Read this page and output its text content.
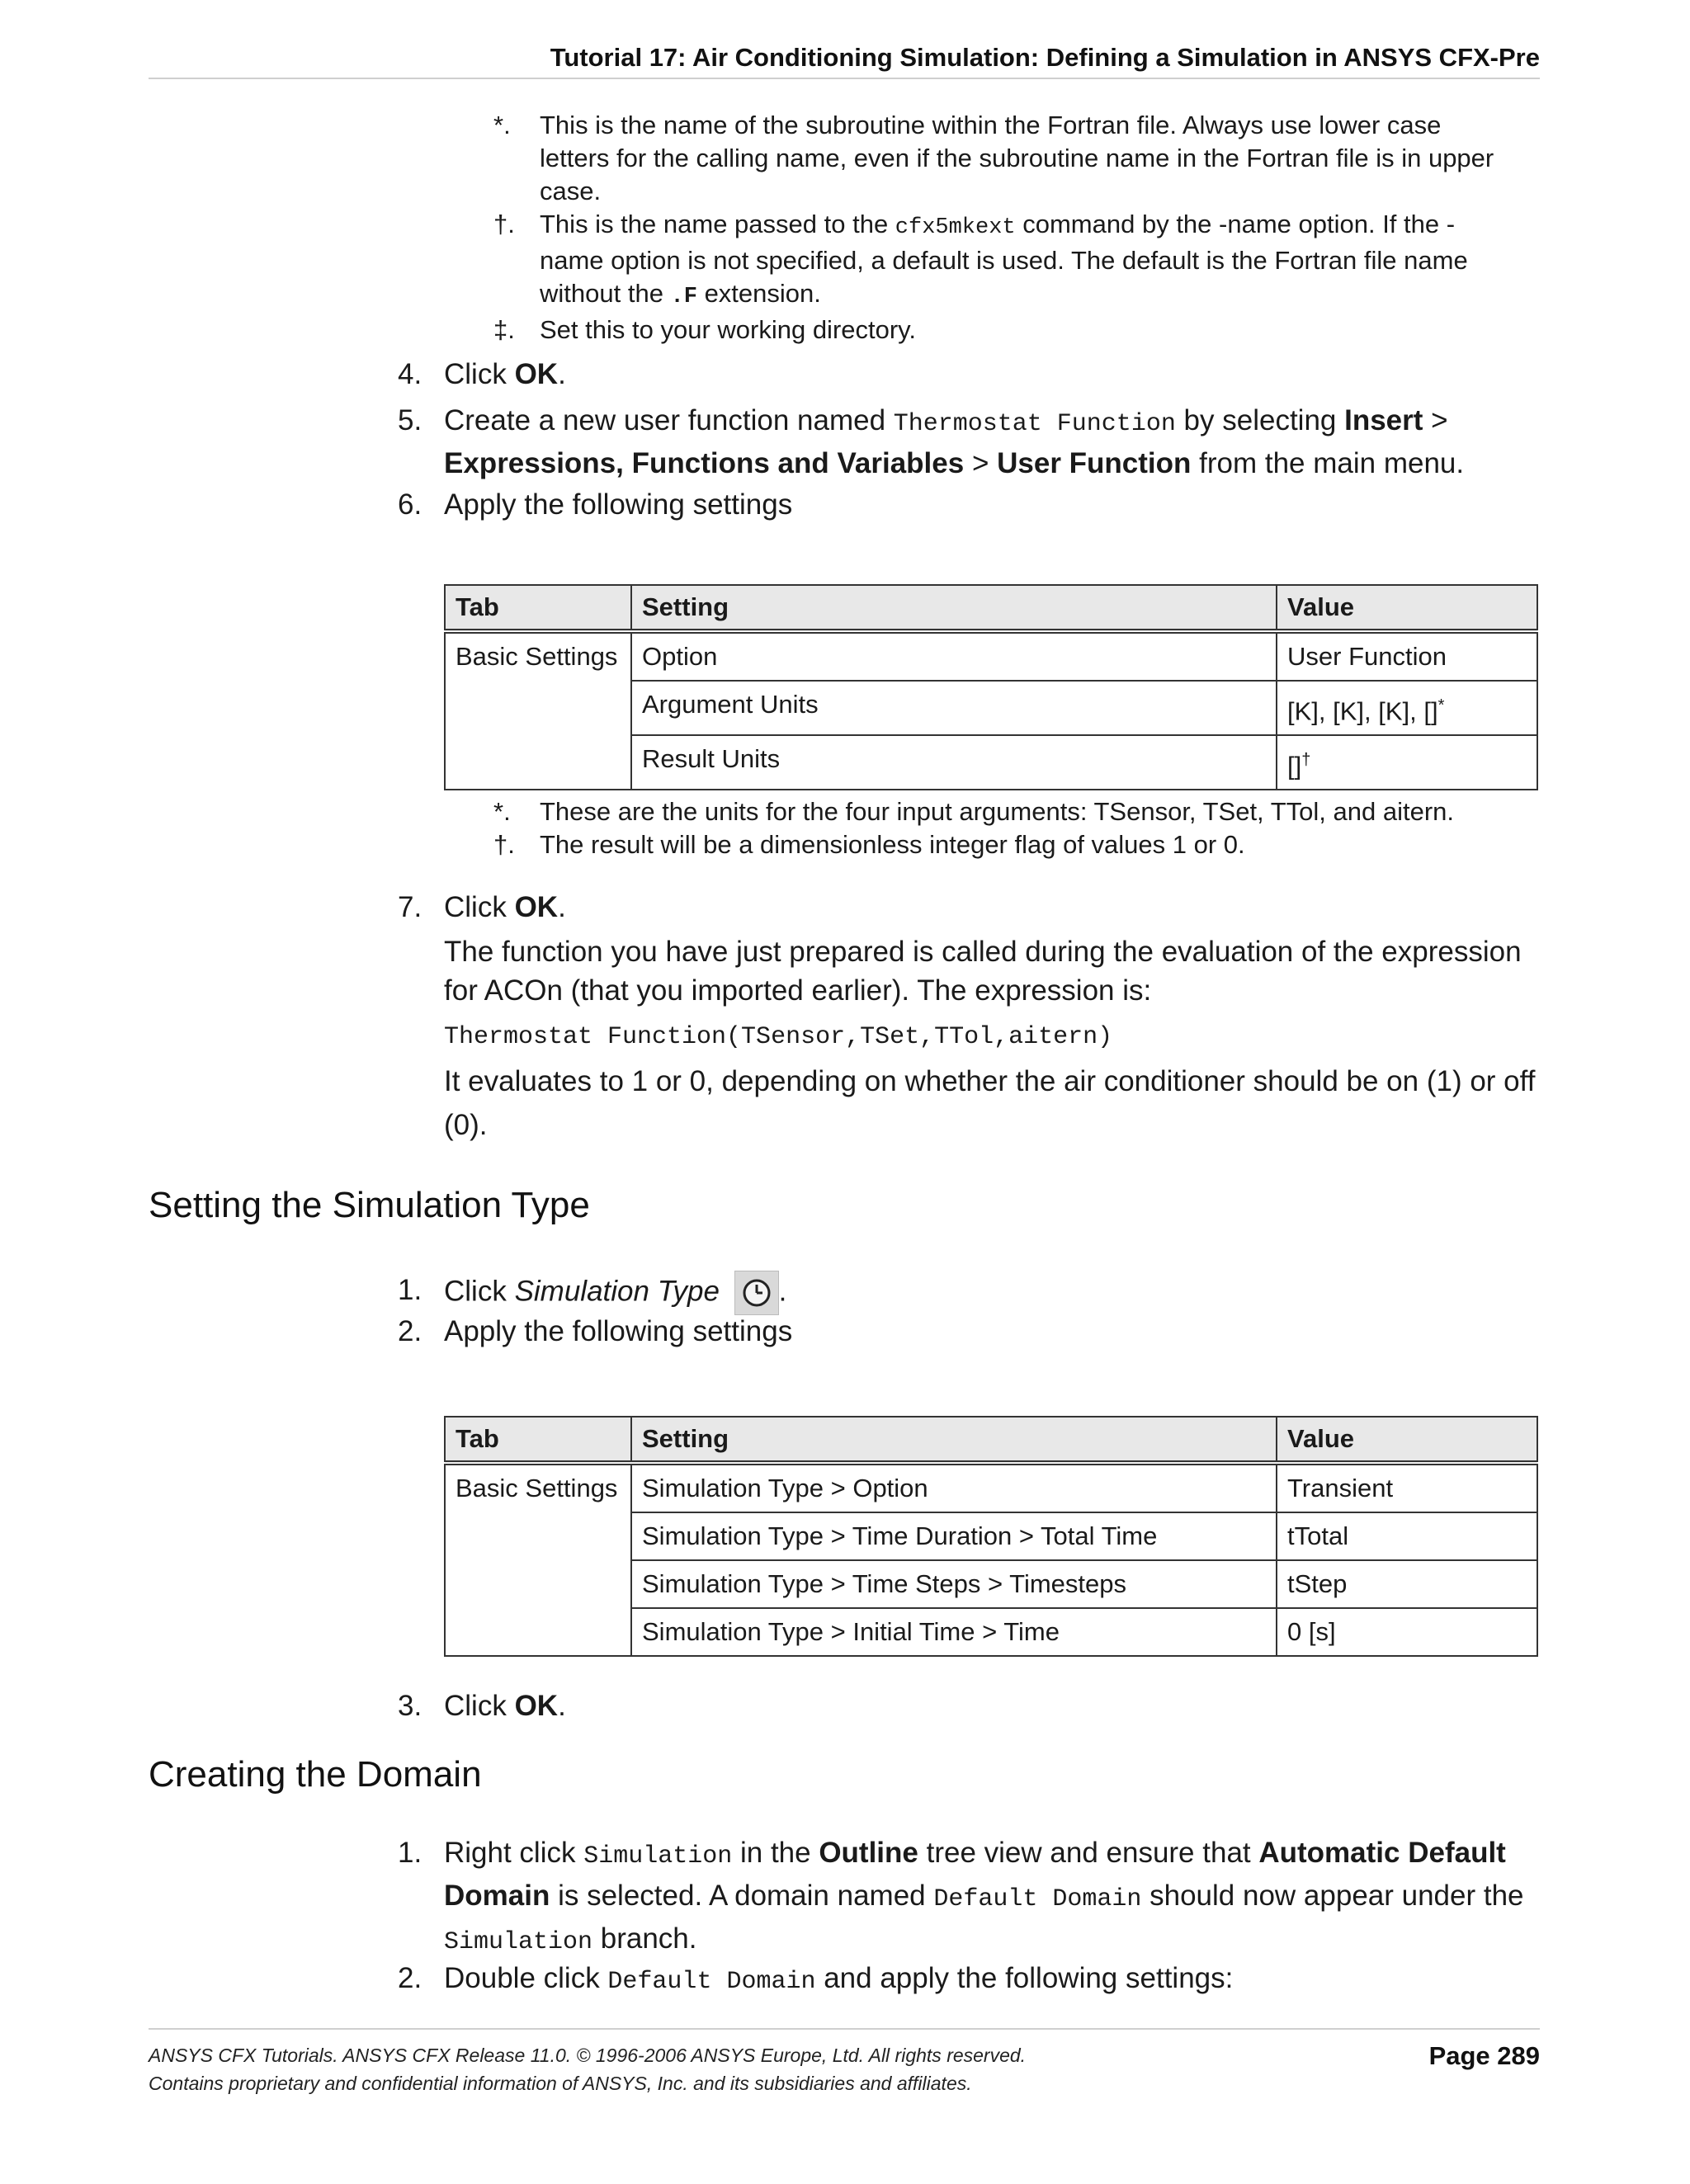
Tutorial 17: Air Conditioning Simulation: Defining a Simulation in ANSYS CFX-Pre
*. This is the name of the subroutine within the Fortran file. Always use lower case letters for the calling name, even if the subroutine name in the Fortran file is in upper case.
†. This is the name passed to the cfx5mkext command by the -name option. If the -name option is not specified, a default is used. The default is the Fortran file name without the .F extension.
‡. Set this to your working directory.
4. Click OK.
5. Create a new user function named Thermostat Function by selecting Insert > Expressions, Functions and Variables > User Function from the main menu.
6. Apply the following settings
Tab	Setting	Value
Basic Settings	Option	User Function
	Argument Units	[K], [K], [K], []*
	Result Units	[]†
*. These are the units for the four input arguments: TSensor, TSet, TTol, and aitern.
†. The result will be a dimensionless integer flag of values 1 or 0.
7. Click OK.
The function you have just prepared is called during the evaluation of the expression for ACOn (that you imported earlier). The expression is:
Thermostat Function(TSensor,TSet,TTol,aitern)
It evaluates to 1 or 0, depending on whether the air conditioner should be on (1) or off (0).
Setting the Simulation Type
1. Click Simulation Type .
2. Apply the following settings
Tab	Setting	Value
Basic Settings	Simulation Type > Option	Transient
	Simulation Type > Time Duration > Total Time	tTotal
	Simulation Type > Time Steps > Timesteps	tStep
	Simulation Type > Initial Time > Time	0 [s]
3. Click OK.
Creating the Domain
1. Right click Simulation in the Outline tree view and ensure that Automatic Default Domain is selected. A domain named Default Domain should now appear under the Simulation branch.
2. Double click Default Domain and apply the following settings:
ANSYS CFX Tutorials. ANSYS CFX Release 11.0. © 1996-2006 ANSYS Europe, Ltd. All rights reserved.
Contains proprietary and confidential information of ANSYS, Inc. and its subsidiaries and affiliates.
Page 289
